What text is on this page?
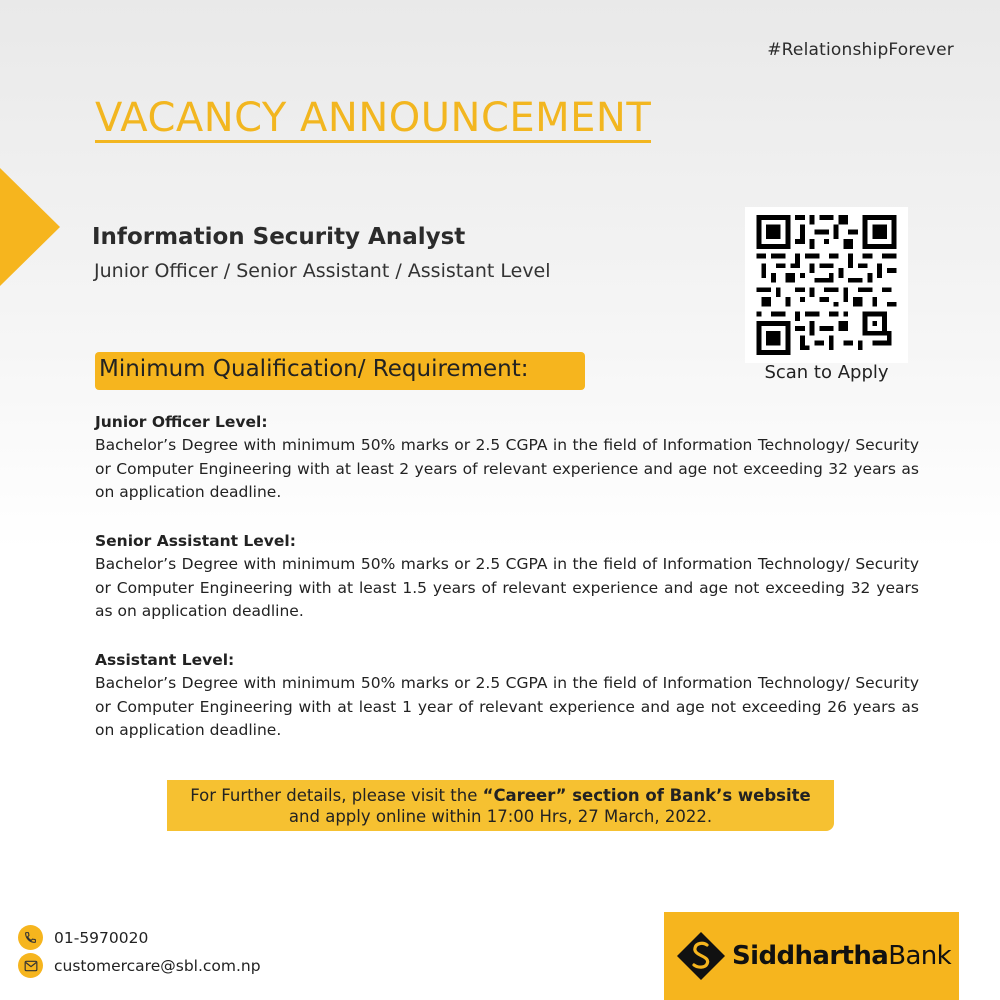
#RelationshipForever
VACANCY ANNOUNCEMENT
Information Security Analyst
Junior Officer / Senior Assistant / Assistant Level
Scan to Apply
Minimum Qualification/ Requirement:
Junior Officer Level:

Bachelor’s Degree with minimum 50% marks or 2.5 CGPA in the field of Information Technology/ Security or Computer Engineering with at least 2 years of relevant experience and age not exceeding 32 years as on application deadline.

Senior Assistant Level:

Bachelor’s Degree with minimum 50% marks or 2.5 CGPA in the field of Information Technology/ Security or Computer Engineering with at least 1.5 years of relevant experience and age not exceeding 32 years as on application deadline.

Assistant Level:

Bachelor’s Degree with minimum 50% marks or 2.5 CGPA in the field of Information Technology/ Security or Computer Engineering with at least 1 year of relevant experience and age not exceeding 26 years as on application deadline.

For Further details, please visit the “Career” section of Bank’s website
and apply online within 17:00 Hrs, 27 March, 2022.
01-5970020
customercare@sbl.com.np	SiddharthaBank
